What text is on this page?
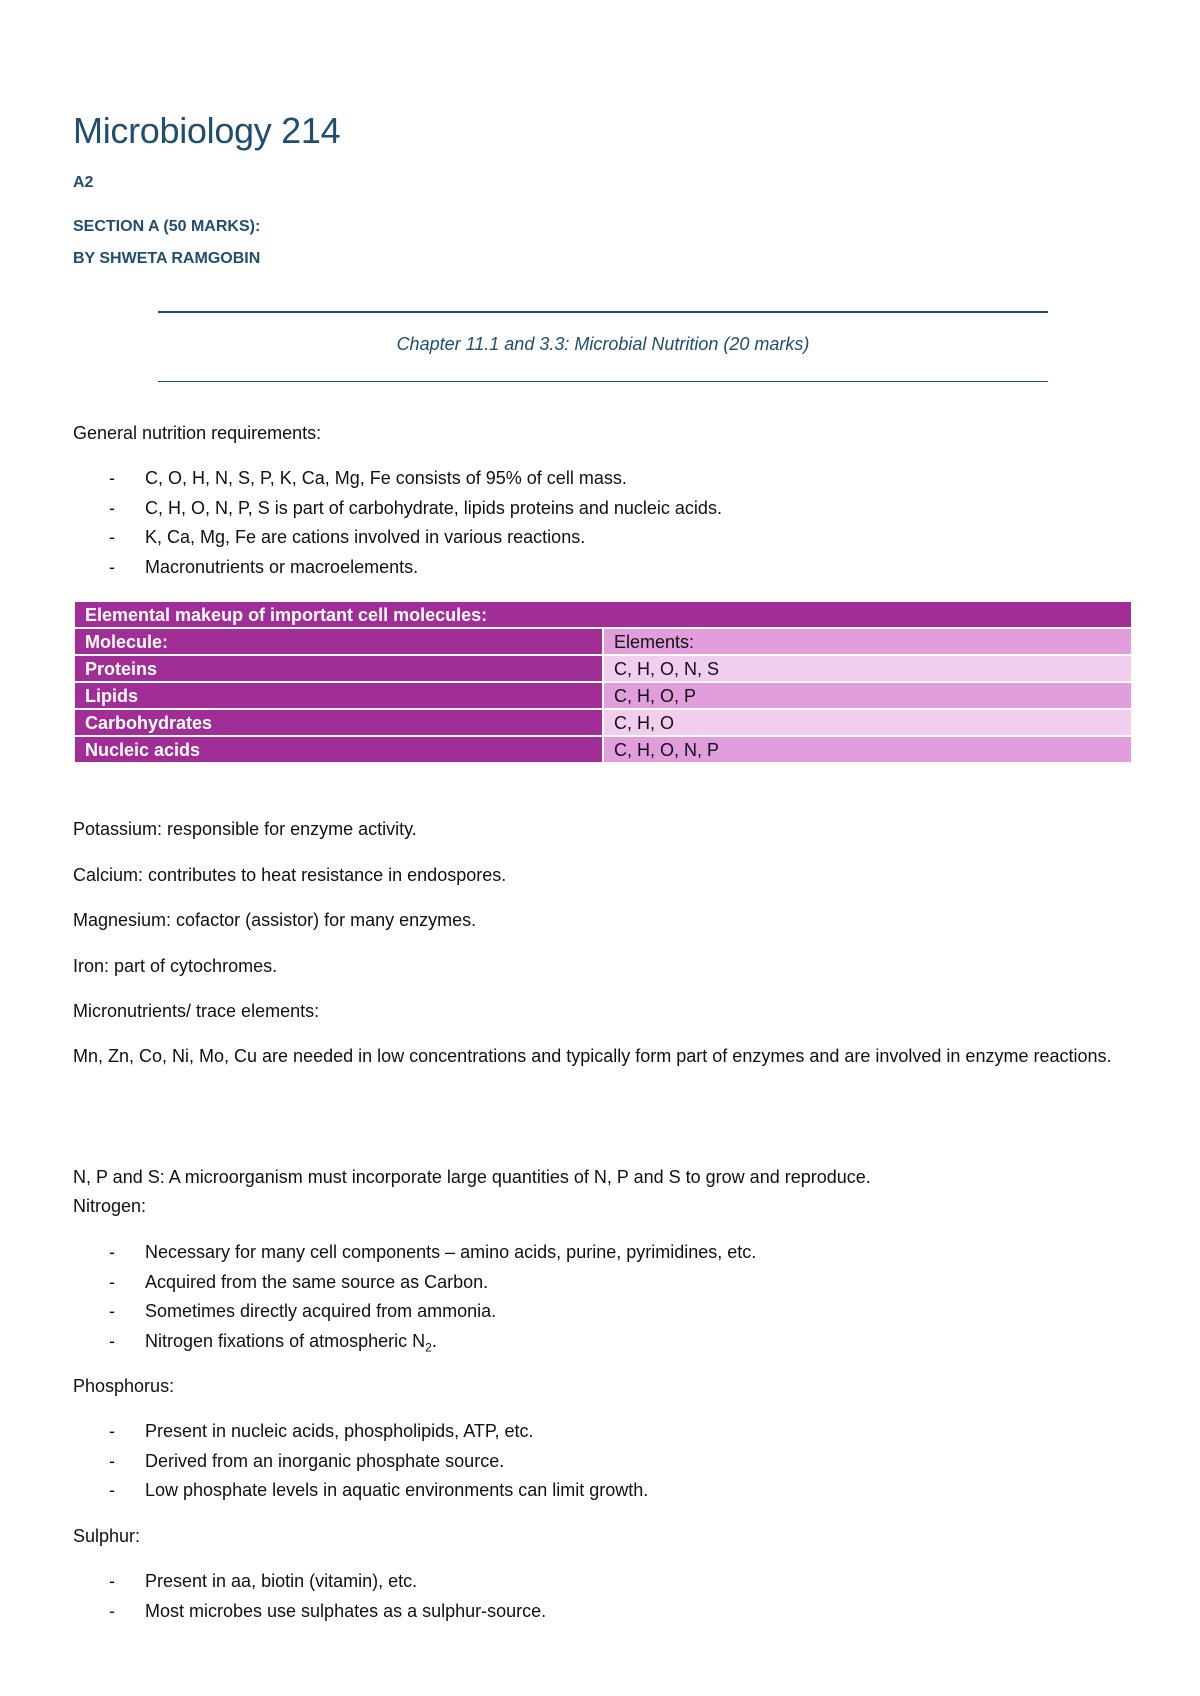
Microbiology 214
A2
SECTION A (50 MARKS):
BY SHWETA RAMGOBIN
Chapter 11.1 and 3.3: Microbial Nutrition (20 marks)
General nutrition requirements:
- C, O, H, N, S, P, K, Ca, Mg, Fe consists of 95% of cell mass.
- C, H, O, N, P, S is part of carbohydrate, lipids proteins and nucleic acids.
- K, Ca, Mg, Fe are cations involved in various reactions.
- Macronutrients or macroelements.
Elemental makeup of important cell molecules:	
Molecule:	Elements:
Proteins	C, H, O, N, S
Lipids	C, H, O, P
Carbohydrates	C, H, O
Nucleic acids	C, H, O, N, P
Potassium: responsible for enzyme activity.
Calcium: contributes to heat resistance in endospores.
Magnesium: cofactor (assistor) for many enzymes.
Iron: part of cytochromes.
Micronutrients/ trace elements:
Mn, Zn, Co, Ni, Mo, Cu are needed in low concentrations and typically form part of enzymes and are involved in enzyme reactions.
N, P and S: A microorganism must incorporate large quantities of N, P and S to grow and reproduce.
Nitrogen:
- Necessary for many cell components – amino acids, purine, pyrimidines, etc.
- Acquired from the same source as Carbon.
- Sometimes directly acquired from ammonia.
- Nitrogen fixations of atmospheric $N_2$.
Phosphorus:
- Present in nucleic acids, phospholipids, ATP, etc.
- Derived from an inorganic phosphate source.
- Low phosphate levels in aquatic environments can limit growth.
Sulphur:
- Present in aa, biotin (vitamin), etc.
- Most microbes use sulphates as a sulphur-source.
